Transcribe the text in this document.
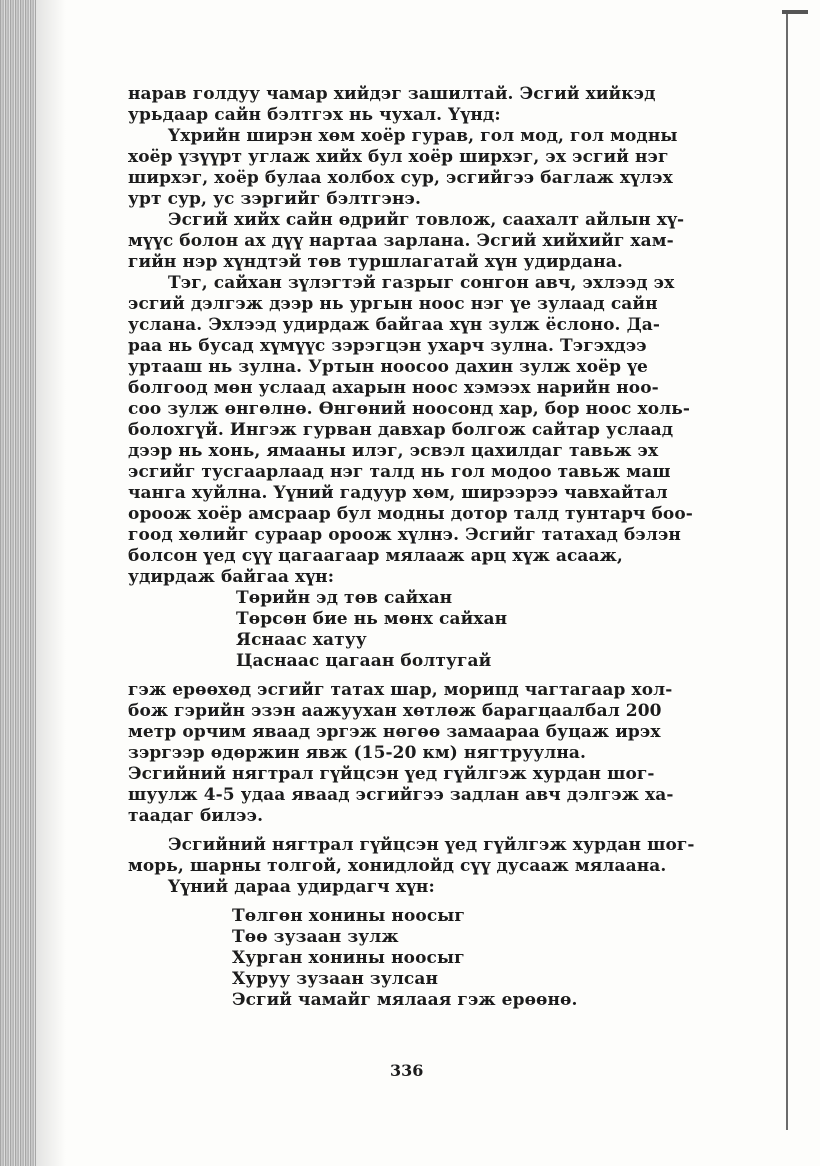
нарав голдуу чамар хийдэг зашилтай. Эсгий хийкэд
урьдаар сайн бэлтгэх нь чухал. Үүнд:
Үхрийн ширэн хөм хоёр гурав, гол мод, гол модны
хоёр үзүүрт углаж хийх бул хоёр ширхэг, эх эсгий нэг
ширхэг, хоёр булаа холбох сур, эсгийгээ баглаж хүлэх
урт сур, ус зэргийг бэлтгэнэ.
Эсгий хийх сайн өдрийг товлож, саахалт айлын хү-
мүүс болон ах дүү нартаа зарлана. Эсгий хийхийг хам-
гийн нэр хүндтэй төв туршлагатай хүн удирдана.
Тэг, сайхан зүлэгтэй газрыг сонгон авч, эхлээд эх
эсгий дэлгэж дээр нь ургын ноос нэг үе зулаад сайн
услана. Эхлээд удирдаж байгаа хүн зулж ёслоно. Да-
раа нь бусад хүмүүс зэрэгцэн ухарч зулна. Тэгэхдээ
уртааш нь зулна. Уртын ноосоо дахин зулж хоёр үе
болгоод мөн услаад ахарын ноос хэмээх нарийн ноо-
соо зулж өнгөлнө. Өнгөний ноосонд хар, бор ноос холь-
болохгүй. Ингэж гурван давхар болгож сайтар услаад
дээр нь хонь, ямааны илэг, эсвэл цахилдаг тавьж эх
эсгийг тусгаарлаад нэг талд нь гол модоо тавьж маш
чанга хуйлна. Үүний гадуур хөм, ширээрээ чавхайтал
ороож хоёр амсраар бул модны дотор талд тунтарч боо-
гоод хөлийг сураар ороож хүлнэ. Эсгийг татахад бэлэн
болсон үед сүү цагаагаар мялааж арц хүж асааж,
удирдаж байгаа хүн:
Төрийн эд төв сайхан
Төрсөн бие нь мөнх сайхан
Яснаас хатуу
Цаснаас цагаан болтугай
гэж ерөөхөд эсгийг татах шар, морипд чагтагаар хол-
бож гэрийн эзэн аажуухан хөтлөж барагцаалбал 200
метр орчим яваад эргэж нөгөө замаараа буцаж ирэх
зэргээр өдөржин явж (15-20 км) нягтруулна.
Эсгийний нягтрал гүйцсэн үед гүйлгэж хурдан шог-
шуулж 4-5 удаа яваад эсгийгээ задлан авч дэлгэж ха-
таадаг билээ.
Эсгийний нягтрал гүйцсэн үед гүйлгэж хурдан шог-
морь, шарны толгой, хонидлойд сүү дусааж мялаана.
Үүний дараа удирдагч хүн:
Төлгөн хонины ноосыг
Төө зузаан зулж
Хурган хонины ноосыг
Хуруу зузаан зулсан
Эсгий чамайг мялаая гэж ерөөнө.
336
